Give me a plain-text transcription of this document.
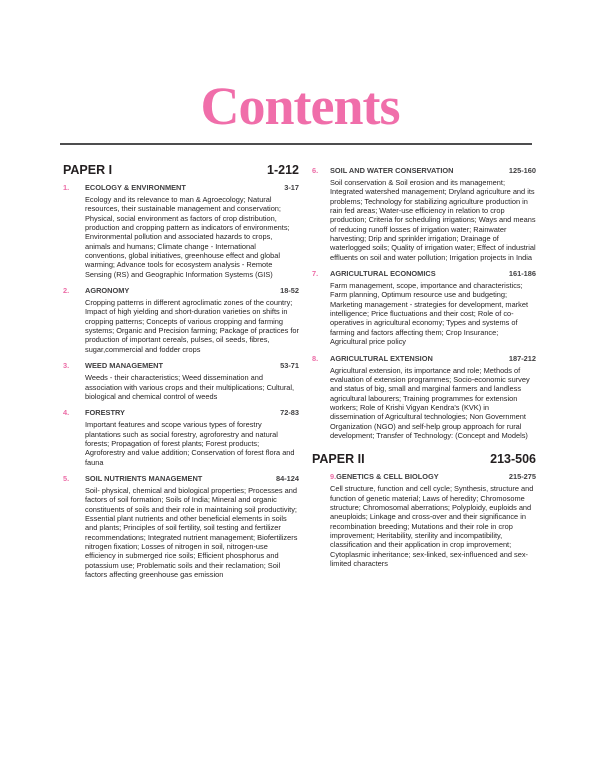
Contents
PAPER I	1-212
1.	ECOLOGY & ENVIRONMENT	3-17

Ecology and its relevance to man & Agroecology; Natural resources, their sustainable management and conservation; Physical, social environment as factors of crop distribution, production and cropping pattern as indicators of environments; Environmental pollution and associated hazards to crops, animals and humans; Climate change - International conventions, global initiatives, greenhouse effect and global warming; Advance tools for ecosystem analysis - Remote Sensing (RS) and Geographic Information Systems (GIS)

2.	AGRONOMY	18-52

Cropping patterns in different agroclimatic zones of the country; Impact of high yielding and short-duration varieties on shifts in cropping patterns; Concepts of various cropping and farming systems; Organic and Precision farming; Package of practices for production of important cereals, pulses, oil seeds, fibres, sugar,commercial and fodder crops

3.	WEED MANAGEMENT	53-71

Weeds - their characteristics; Weed dissemination and association with various crops and their multiplications; Cultural, biological and chemical control of weeds

4.	FORESTRY	72-83

Important features and scope various types of forestry plantations such as social forestry, agroforestry and natural forests; Propagation of forest plants; Forest products; Agroforestry and value addition; Conservation of forest flora and fauna

5.	SOIL NUTRIENTS MANAGEMENT	84-124

Soil- physical, chemical and biological properties; Processes and factors of soil formation; Soils of India; Mineral and organic constituents of soils and their role in maintaining soil productivity; Essential plant nutrients and other beneficial elements in soils and plants; Principles of soil fertility, soil testing and fertilizer recommendations; Integrated nutrient management; Biofertilizers nitrogen fixation; Losses of nitrogen in soil, nitrogen-use efficiency in submerged rice soils; Efficient phosphorus and potassium use; Problematic soils and their reclamation; Soil factors affecting greenhouse gas emission

6.	SOIL AND WATER CONSERVATION	125-160

Soil conservation & Soil erosion and its management; Integrated watershed management; Dryland agriculture and its problems; Technology for stabilizing agriculture production in rain fed areas; Water-use efficiency in relation to crop production; Criteria for scheduling irrigations; Ways and means of reducing runoff losses of irrigation water; Rainwater harvesting; Drip and sprinkler irrigation; Drainage of waterlogged soils; Quality of irrigation water; Effect of industrial effluents on soil and water pollution; Irrigation projects in India

7.	AGRICULTURAL ECONOMICS	161-186

Farm management, scope, importance and characteristics; Farm planning, Optimum resource use and budgeting; Marketing management - strategies for development, market intelligence; Price fluctuations and their cost; Role of co-operatives in agricultural economy; Types and systems of farming and factors affecting them; Crop Insurance; Agricultural price policy

8.	AGRICULTURAL EXTENSION	187-212

Agricultural extension, its importance and role; Methods of evaluation of extension programmes; Socio-economic survey and status of big, small and marginal farmers and landless agricultural labourers; Training programmes for extension workers; Role of Krishi Vigyan Kendra's (KVK) in dissemination of Agricultural technologies; Non Government Organization (NGO) and self-help group approach for rural development; Transfer of Technology: (Concept and Models)

PAPER II	213-506
9. GENETICS & CELL BIOLOGY	215-275

Cell structure, function and cell cycle; Synthesis, structure and function of genetic material; Laws of heredity; Chromosome structure; Chromosomal aberrations; Polyploidy, euploids and aneuploids; Linkage and cross-over and their significance in recombination breeding; Mutations and their role in crop improvement; Heritability, sterility and incompatibility, classification and their application in crop improvement; Cytoplasmic inheritance; sex-linked, sex-influenced and sex-limited characters
